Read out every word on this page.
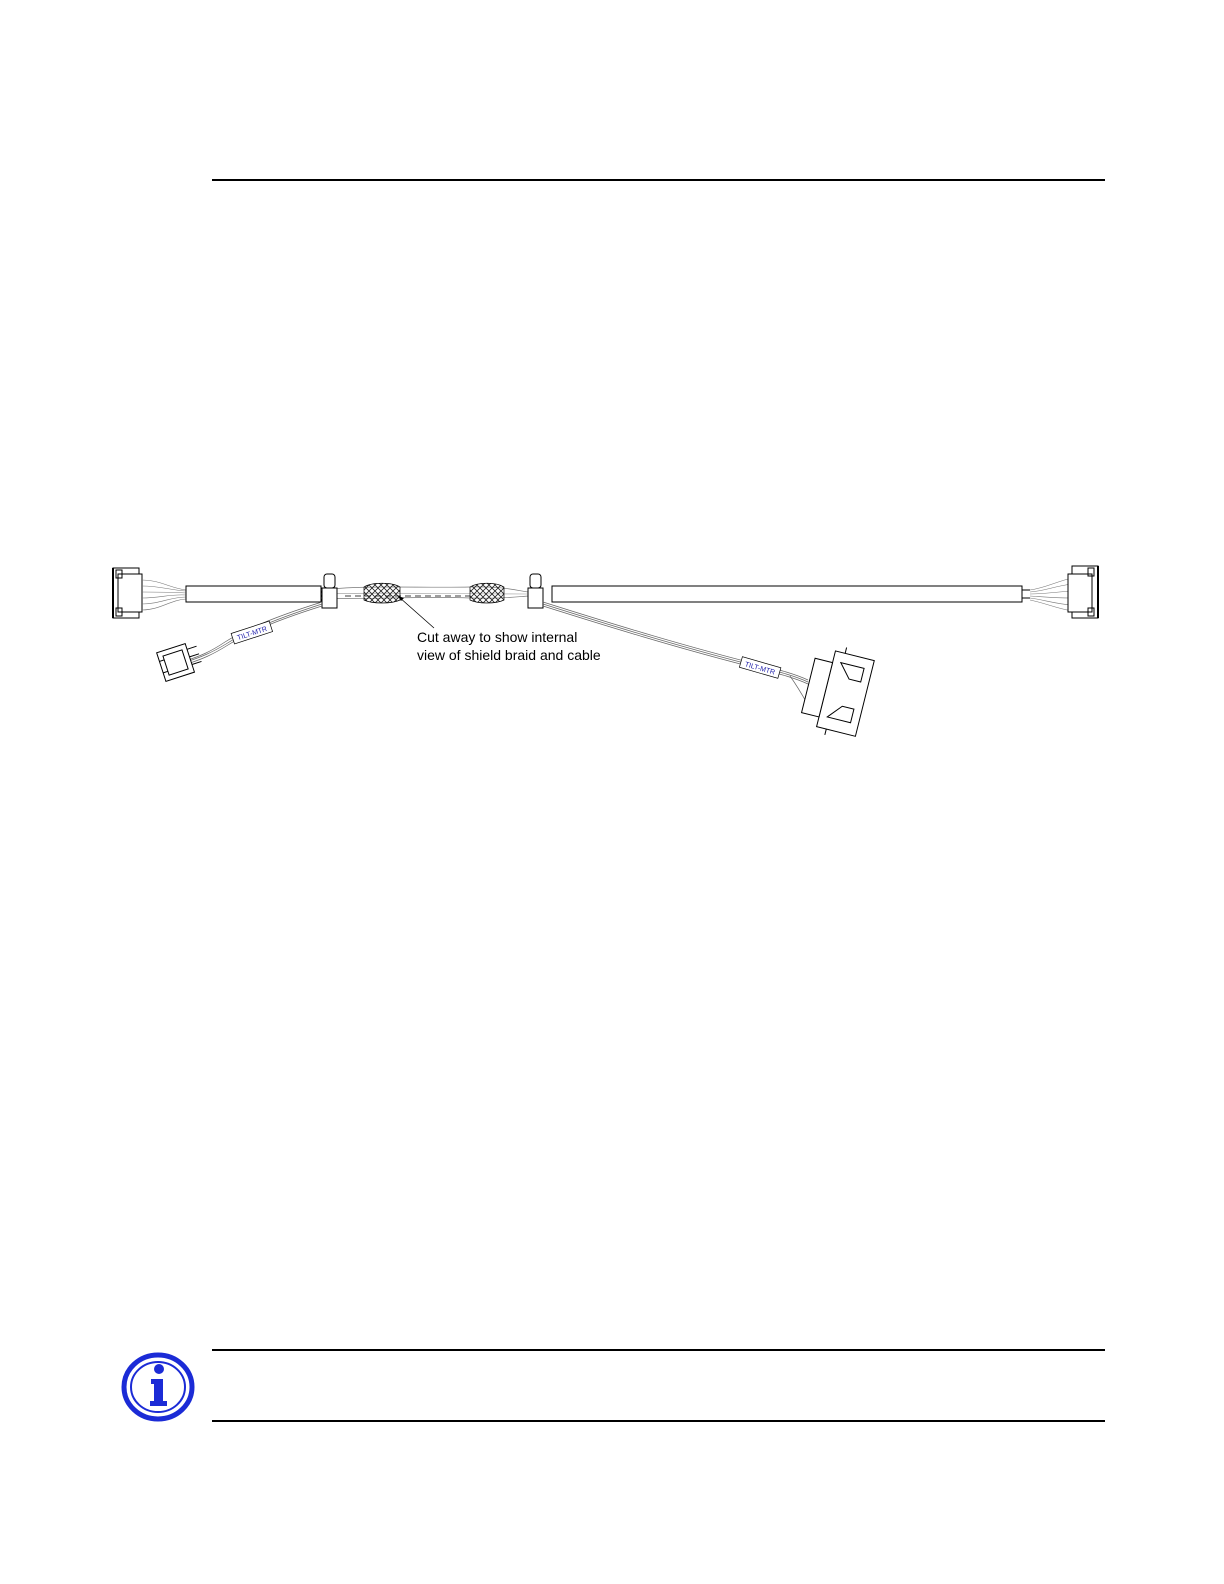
TILT-MTR
TILT-MTR
Cut away to show internal
view of shield braid and cable
